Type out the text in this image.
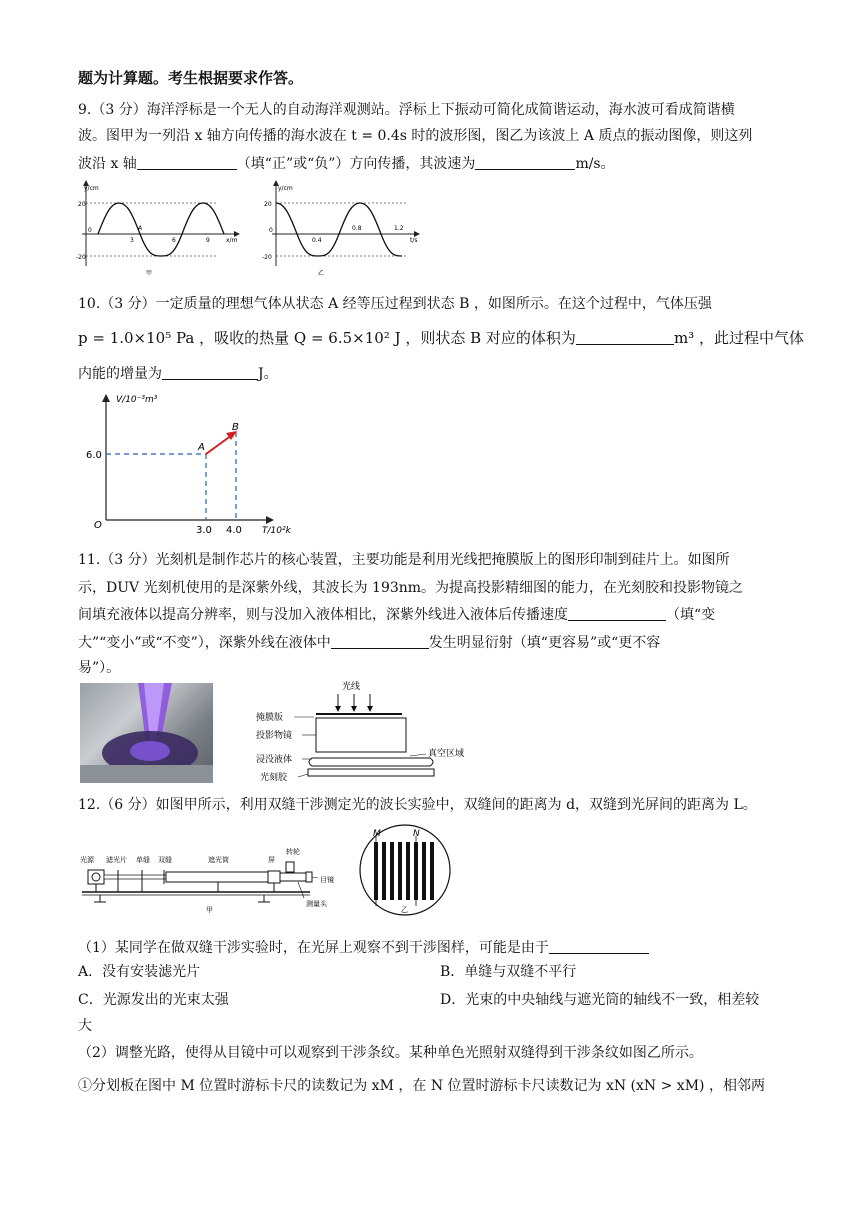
题为计算题。考生根据要求作答。
9.（3 分）海洋浮标是一个无人的自动海洋观测站。浮标上下振动可简化成简谐运动，海水波可看成简谐横
波。图甲为一列沿 x 轴方向传播的海水波在 t = 0.4s 时的波形图，图乙为该波上 A 质点的振动图像，则这列
波沿 x 轴	（填“正”或“负”）方向传播，其波速为	m/s。
y/cm
x/m
20
-20
0
3	6	9
A
甲
y/cm
t/s
20
-20
0
0.4
0.8	1.2
乙
10.（3 分）一定质量的理想气体从状态 A 经等压过程到状态 B ，如图所示。在这个过程中，气体压强
p = 1.0×10⁵ Pa ，吸收的热量 Q = 6.5×10² J ，则状态 B 对应的体积为	m³ ，此过程中气体
内能的增量为	J。
V/10⁻³m³
T/10²k
O
6.0
3.0 4.0
A
B
11.（3 分）光刻机是制作芯片的核心装置，主要功能是利用光线把掩膜版上的图形印制到硅片上。如图所
示，DUV 光刻机使用的是深紫外线，其波长为 193nm。为提高投影精细图的能力，在光刻胶和投影物镜之
间填充液体以提高分辨率，则与没加入液体相比，深紫外线进入液体后传播速度	（填“变
大”“变小”或“不变”），深紫外线在液体中	发生明显衍射（填“更容易”或“更不容
易”）。
光线
掩膜版
投影物镜
浸没液体
光刻胶
真空区域
12.（6 分）如图甲所示，利用双缝干涉测定光的波长实验中，双缝间的距离为 d，双缝到光屏间的距离为 L。
光源 滤光片 单缝 双缝	遮光筒	屏
转轮
目镜
测量头
甲
M	N
乙
（1）某同学在做双缝干涉实验时，在光屏上观察不到干涉图样，可能是由于
A．没有安装滤光片	B．单缝与双缝不平行
C．光源发出的光束太强	D．光束的中央轴线与遮光筒的轴线不一致，相差较
大
（2）调整光路，使得从目镜中可以观察到干涉条纹。某种单色光照射双缝得到干涉条纹如图乙所示。
①分划板在图中 M 位置时游标卡尺的读数记为 xM ，在 N 位置时游标卡尺读数记为 xN (xN > xM) ，相邻两
